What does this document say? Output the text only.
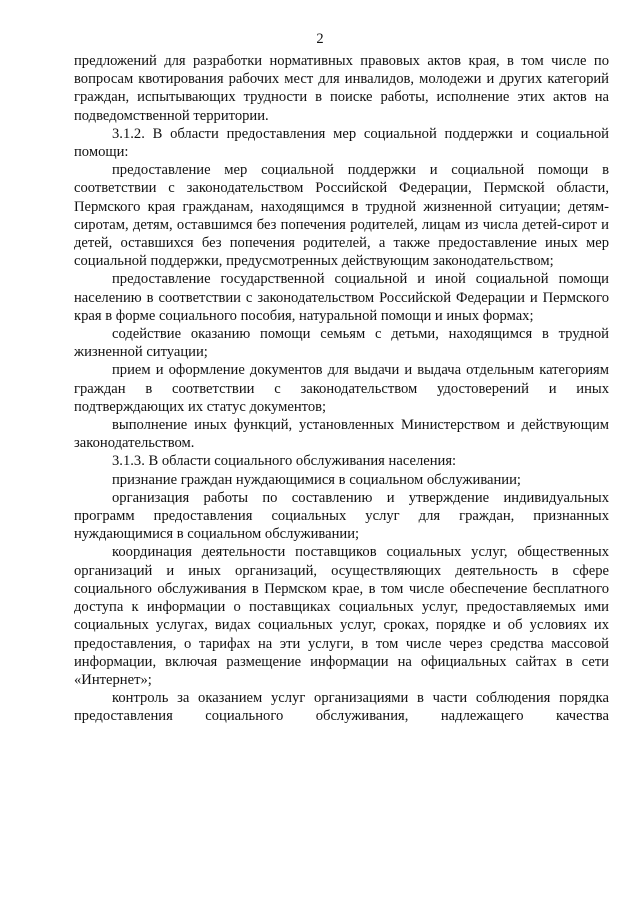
2

предложений для разработки нормативных правовых актов края, в том числе по вопросам квотирования рабочих мест для инвалидов, молодежи и других категорий граждан, испытывающих трудности в поиске работы, исполнение этих актов на подведомственной территории.

3.1.2. В области предоставления мер социальной поддержки и социальной помощи:

предоставление мер социальной поддержки и социальной помощи в соответствии с законодательством Российской Федерации, Пермской области, Пермского края гражданам, находящимся в трудной жизненной ситуации; детям-сиротам, детям, оставшимся без попечения родителей, лицам из числа детей-сирот и детей, оставшихся без попечения родителей, а также предоставление иных мер социальной поддержки, предусмотренных действующим законодательством;

предоставление государственной социальной и иной социальной помощи населению в соответствии с законодательством Российской Федерации и Пермского края в форме социального пособия, натуральной помощи и иных формах;

содействие оказанию помощи семьям с детьми, находящимся в трудной жизненной ситуации;

прием и оформление документов для выдачи и выдача отдельным категориям граждан в соответствии с законодательством удостоверений и иных подтверждающих их статус документов;

выполнение иных функций, установленных Министерством и действующим законодательством.

3.1.3. В области социального обслуживания населения:

признание граждан нуждающимися в социальном обслуживании;

организация работы по составлению и утверждение индивидуальных программ предоставления социальных услуг для граждан, признанных нуждающимися в социальном обслуживании;

координация деятельности поставщиков социальных услуг, общественных организаций и иных организаций, осуществляющих деятельность в сфере социального обслуживания в Пермском крае, в том числе обеспечение бесплатного доступа к информации о поставщиках социальных услуг, предоставляемых ими социальных услугах, видах социальных услуг, сроках, порядке и об условиях их предоставления, о тарифах на эти услуги, в том числе через средства массовой информации, включая размещение информации на официальных сайтах в сети «Интернет»;

контроль за оказанием услуг организациями в части соблюдения порядка предоставления социального обслуживания, надлежащего качества
